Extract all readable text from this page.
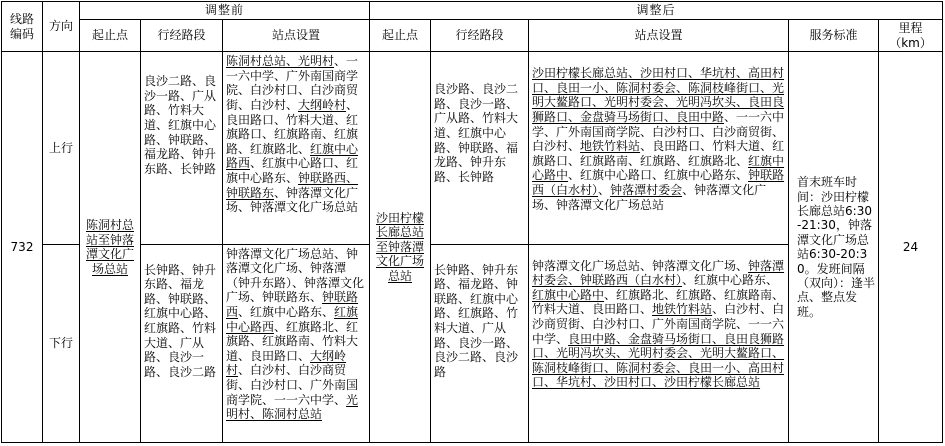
线路编码	方向	调整前			调整后				
		起止点	行经路段	站点设置	起止点	行经路段	站点设置	服务标准	里程
（km）

732	上行	陈洞村总站至钟落潭文化广场总站	良沙二路、良沙一路、广从路、竹料大道、红旗中心路、钟联路、福龙路、钟升东路、长钟路	陈洞村总站、光明村、一一六中学、广外南国商学院、白沙村口、白沙商贸街、白沙村、大纲岭村、良田路口、竹料大道、红旗路口、红旗路南、红旗路、红旗路北、红旗中心路西、红旗中心路口、红旗中心路东、钟联路西、钟联路东、钟落潭文化广场、钟落潭文化广场总站	沙田柠檬长廊总站至钟落潭文化广场总站	良沙路、良沙二路、良沙一路、广从路、竹料大道、红旗中心路、钟联路、福龙路、钟升东路、长钟路	沙田柠檬长廊总站、沙田村口、华坑村、高田村口、良田一小、陈洞村委会、陈洞枝峰街口、光明大鳌路口、光明村委会、光明冯坎头、良田良狮路口、金盘骑马场街口、良田中路、一一六中学、广外南国商学院、白沙村口、白沙商贸街、白沙村、地铁竹料站、良田路口、竹料大道、红旗路口、红旗路南、红旗路、红旗路北、红旗中心路中、红旗中心路口、红旗中心路东、钟联路西（白水村）、钟落潭村委会、钟落潭文化广场、钟落潭文化广场总站	首末班车时间：沙田柠檬长廊总站6:30-21:30，钟落潭文化广场总站6:30-20:30。发班间隔（双向）：逢半点、整点发班。	24
	下行		长钟路、钟升东路、福龙路、钟联路、红旗中心路、红旗路、竹料大道、广从路、良沙一路、良沙二路	钟落潭文化广场总站、钟落潭文化广场、钟落潭（钟升东路）、钟落潭文化广场、钟联路东、钟联路西、红旗中心路东、红旗中心路西、红旗路北、红旗路、红旗路南、竹料大道、良田路口、大纲岭村、白沙村、白沙商贸街、白沙村口、广外南国商学院、一一六中学、光明村、陈洞村总站		长钟路、钟升东路、福龙路、钟联路、红旗中心路、红旗路、竹料大道、广从路、良沙一路、良沙二路、良沙路	钟落潭文化广场总站、钟落潭文化广场、钟落潭村委会、钟联路西（白水村）、红旗中心路东、红旗中心路中、红旗路北、红旗路、红旗路南、竹料大道、良田路口、地铁竹料站、白沙村、白沙商贸街、白沙村口、广外南国商学院、一一六中学、良田中路、金盘骑马场街口、良田良狮路口、光明冯坎头、光明村委会、光明大鳌路口、陈洞枝峰街口、陈洞村委会、良田一小、高田村口、华坑村、沙田村口、沙田柠檬长廊总站		
